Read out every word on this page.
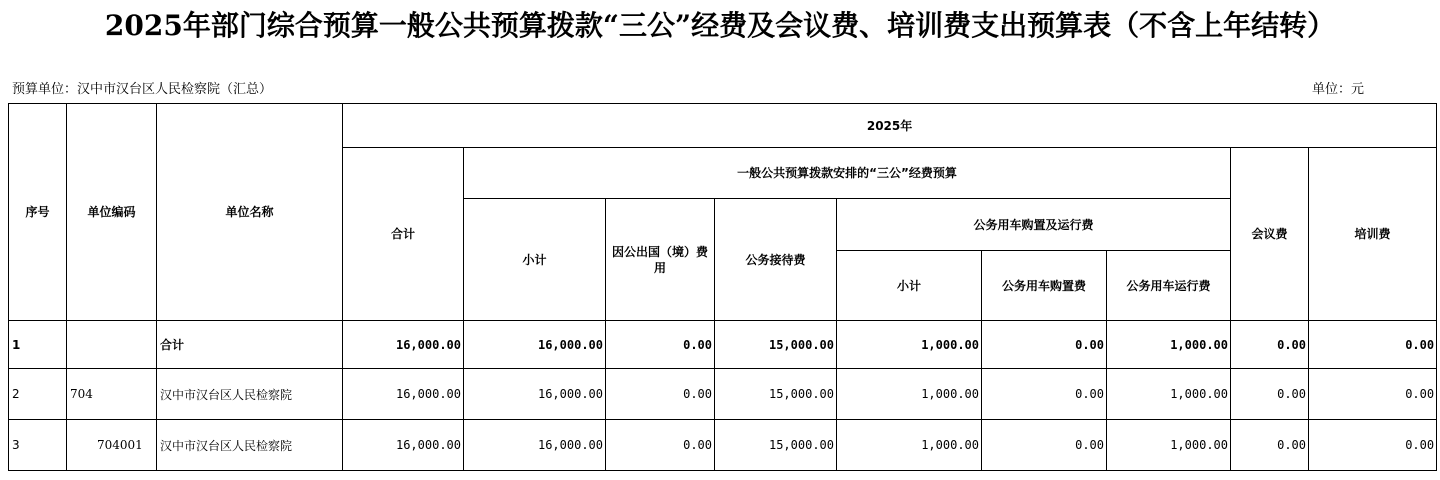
2025年部门综合预算一般公共预算拨款“三公”经费及会议费、培训费支出预算表（不含上年结转）
预算单位：汉中市汉台区人民检察院（汇总）	单位：元
序号	单位编码	单位名称	2025年								
			合计	一般公共预算拨款安排的“三公”经费预算						会议费	培训费
				小计	因公出国（境）费用	公务接待费	公务用车购置及运行费				
							小计	公务用车购置费	公务用车运行费		
1		合计	16,000.00	16,000.00	0.00	15,000.00	1,000.00	0.00	1,000.00	0.00	0.00
2	704	汉中市汉台区人民检察院	16,000.00	16,000.00	0.00	15,000.00	1,000.00	0.00	1,000.00	0.00	0.00
3	704001	汉中市汉台区人民检察院	16,000.00	16,000.00	0.00	15,000.00	1,000.00	0.00	1,000.00	0.00	0.00
